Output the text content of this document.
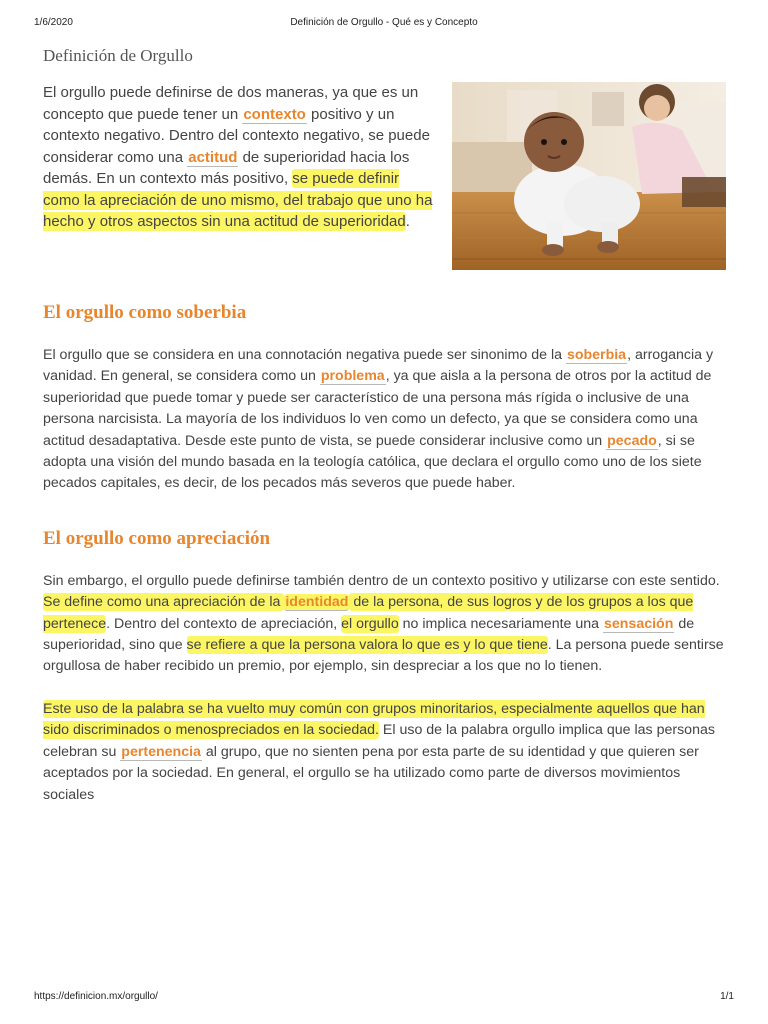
1/6/2020	Definición de Orgullo - Qué es y Concepto
Definición de Orgullo
El orgullo puede definirse de dos maneras, ya que es un concepto que puede tener un contexto positivo y un contexto negativo. Dentro del contexto negativo, se puede considerar como una actitud de superioridad hacia los demás. En un contexto más positivo, se puede definir como la apreciación de uno mismo, del trabajo que uno ha hecho y otros aspectos sin una actitud de superioridad.
El orgullo como soberbia

El orgullo que se considera en una connotación negativa puede ser sinonimo de la soberbia, arrogancia y vanidad. En general, se considera como un problema, ya que aisla a la persona de otros por la actitud de superioridad que puede tomar y puede ser característico de una persona más rígida o inclusive de una persona narcisista. La mayoría de los individuos lo ven como un defecto, ya que se considera como una actitud desadaptativa. Desde este punto de vista, se puede considerar inclusive como un pecado, si se adopta una visión del mundo basada en la teología católica, que declara el orgullo como uno de los siete pecados capitales, es decir, de los pecados más severos que puede haber.

El orgullo como apreciación

Sin embargo, el orgullo puede definirse también dentro de un contexto positivo y utilizarse con este sentido. Se define como una apreciación de la identidad de la persona, de sus logros y de los grupos a los que pertenece. Dentro del contexto de apreciación, el orgullo no implica necesariamente una sensación de superioridad, sino que se refiere a que la persona valora lo que es y lo que tiene. La persona puede sentirse orgullosa de haber recibido un premio, por ejemplo, sin despreciar a los que no lo tienen.

Este uso de la palabra se ha vuelto muy común con grupos minoritarios, especialmente aquellos que han sido discriminados o menospreciados en la sociedad. El uso de la palabra orgullo implica que las personas celebran su pertenencia al grupo, que no sienten pena por esta parte de su identidad y que quieren ser aceptados por la sociedad. En general, el orgullo se ha utilizado como parte de diversos movimientos sociales

https://definicion.mx/orgullo/	1/1
